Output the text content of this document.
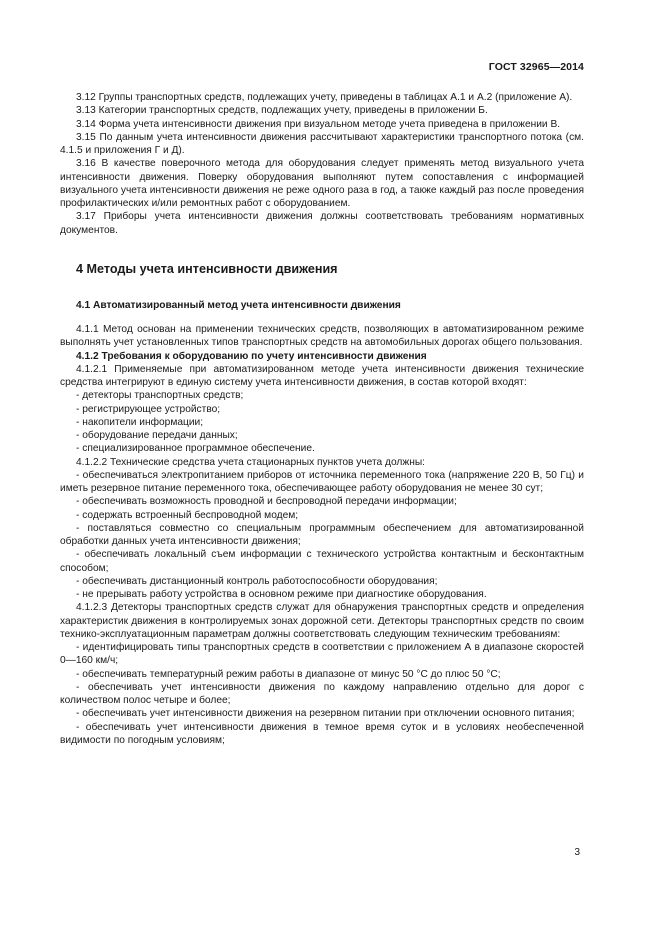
ГОСТ 32965—2014

3.12 Группы транспортных средств, подлежащих учету, приведены в таблицах А.1 и А.2 (приложение А).

3.13 Категории транспортных средств, подлежащих учету, приведены в приложении Б.

3.14 Форма учета интенсивности движения при визуальном методе учета приведена в приложении В.

3.15 По данным учета интенсивности движения рассчитывают характеристики транспортного потока (см. 4.1.5 и приложения Г и Д).

3.16 В качестве поверочного метода для оборудования следует применять метод визуального учета интенсивности движения. Поверку оборудования выполняют путем сопоставления с информацией визуального учета интенсивности движения не реже одного раза в год, а также каждый раз после проведения профилактических и/или ремонтных работ с оборудованием.

3.17 Приборы учета интенсивности движения должны соответствовать требованиям нормативных документов.

4 Методы учета интенсивности движения
4.1 Автоматизированный метод учета интенсивности движения

4.1.1 Метод основан на применении технических средств, позволяющих в автоматизированном режиме выполнять учет установленных типов транспортных средств на автомобильных дорогах общего пользования.

4.1.2 Требования к оборудованию по учету интенсивности движения

4.1.2.1 Применяемые при автоматизированном методе учета интенсивности движения технические средства интегрируют в единую систему учета интенсивности движения, в состав которой входят:

- детекторы транспортных средств;

- регистрирующее устройство;

- накопители информации;

- оборудование передачи данных;

- специализированное программное обеспечение.

4.1.2.2 Технические средства учета стационарных пунктов учета должны:

- обеспечиваться электропитанием приборов от источника переменного тока (напряжение 220 В, 50 Гц) и иметь резервное питание переменного тока, обеспечивающее работу оборудования не менее 30 сут;

- обеспечивать возможность проводной и беспроводной передачи информации;

- содержать встроенный беспроводной модем;

- поставляться совместно со специальным программным обеспечением для автоматизированной обработки данных учета интенсивности движения;

- обеспечивать локальный съем информации с технического устройства контактным и бесконтактным способом;

- обеспечивать дистанционный контроль работоспособности оборудования;

- не прерывать работу устройства в основном режиме при диагностике оборудования.

4.1.2.3 Детекторы транспортных средств служат для обнаружения транспортных средств и определения характеристик движения в контролируемых зонах дорожной сети. Детекторы транспортных средств по своим технико-эксплуатационным параметрам должны соответствовать следующим техническим требованиям:

- идентифицировать типы транспортных средств в соответствии с приложением А в диапазоне скоростей 0—160 км/ч;

- обеспечивать температурный режим работы в диапазоне от минус 50 °С до плюс 50 °С;

- обеспечивать учет интенсивности движения по каждому направлению отдельно для дорог с количеством полос четыре и более;

- обеспечивать учет интенсивности движения на резервном питании при отключении основного питания;

- обеспечивать учет интенсивности движения в темное время суток и в условиях необеспеченной видимости по погодным условиям;

3
